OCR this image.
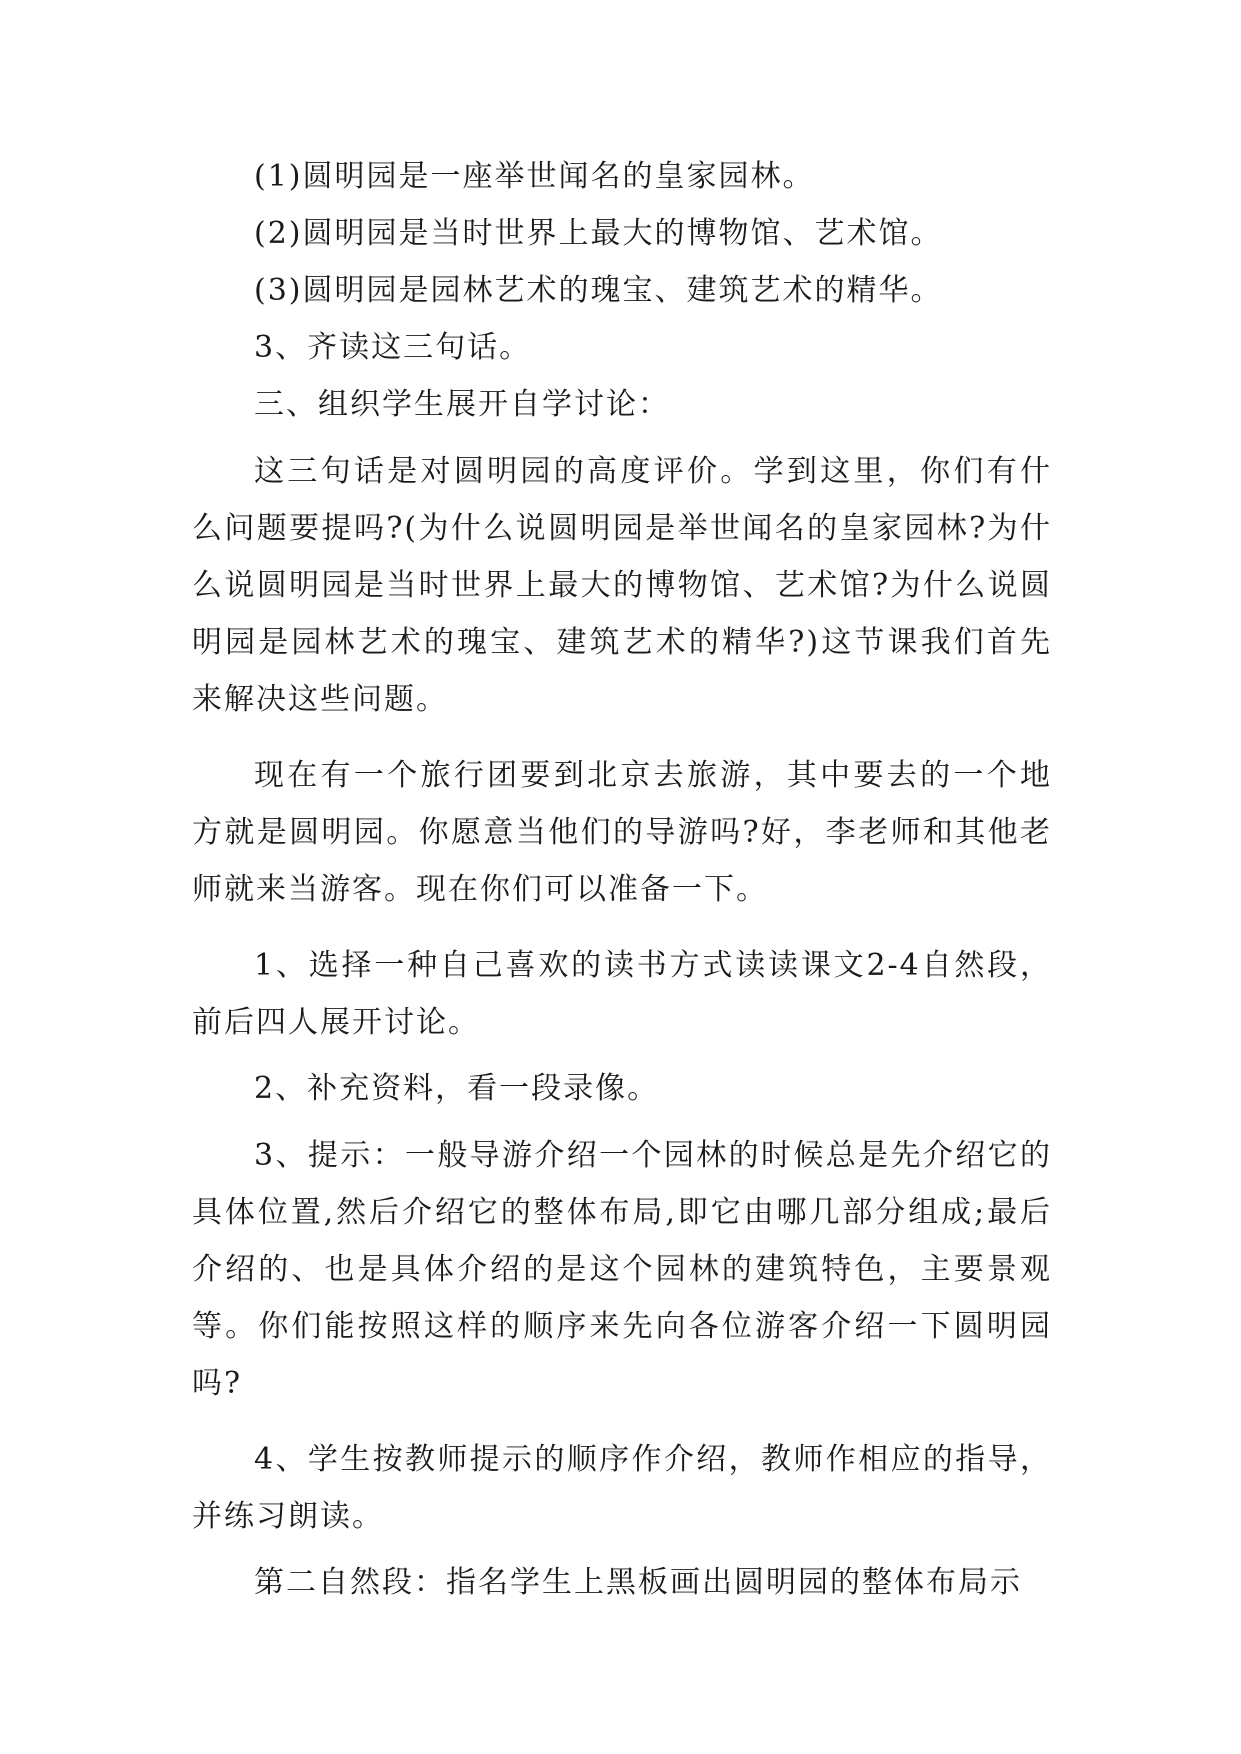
(1)圆明园是一座举世闻名的皇家园林。

(2)圆明园是当时世界上最大的博物馆、艺术馆。

(3)圆明园是园林艺术的瑰宝、建筑艺术的精华。

3、齐读这三句话。

三、组织学生展开自学讨论：

这三句话是对圆明园的高度评价。学到这里，你们有什么问题要提吗?(为什么说圆明园是举世闻名的皇家园林?为什么说圆明园是当时世界上最大的博物馆、艺术馆?为什么说圆明园是园林艺术的瑰宝、建筑艺术的精华?)这节课我们首先来解决这些问题。

现在有一个旅行团要到北京去旅游，其中要去的一个地方就是圆明园。你愿意当他们的导游吗?好，李老师和其他老师就来当游客。现在你们可以准备一下。

1、选择一种自己喜欢的读书方式读读课文2-4自然段，前后四人展开讨论。

2、补充资料，看一段录像。

3、提示：一般导游介绍一个园林的时候总是先介绍它的具体位置,然后介绍它的整体布局,即它由哪几部分组成;最后介绍的、也是具体介绍的是这个园林的建筑特色，主要景观等。你们能按照这样的顺序来先向各位游客介绍一下圆明园吗?

4、学生按教师提示的顺序作介绍，教师作相应的指导，并练习朗读。

第二自然段：指名学生上黑板画出圆明园的整体布局示
